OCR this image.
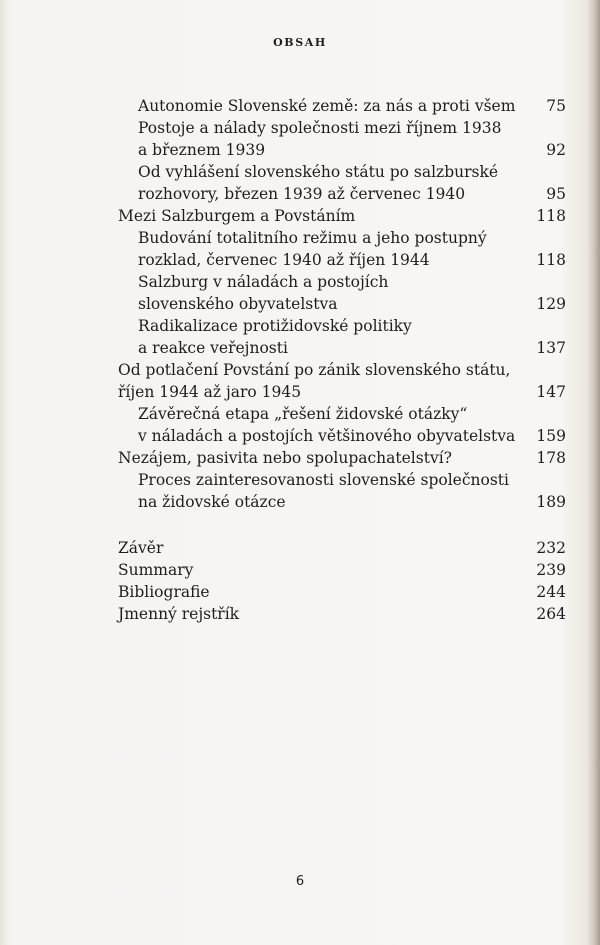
OBSAH
Autonomie Slovenské země: za nás a proti všem 75
Postoje a nálady společnosti mezi říjnem 1938
a březnem 1939	92
Od vyhlášení slovenského státu po salzburské
rozhovory, březen 1939 až červenec 1940	95
Mezi Salzburgem a Povstáním	118
Budování totalitního režimu a jeho postupný
rozklad, červenec 1940 až říjen 1944	118
Salzburg v náladách a postojích
slovenského obyvatelstva	129
Radikalizace protižidovské politiky
a reakce veřejnosti	137
Od potlačení Povstání po zánik slovenského státu,
říjen 1944 až jaro 1945	147
Závěrečná etapa „řešení židovské otázky“
v náladách a postojích většinového obyvatelstva 159
Nezájem, pasivita nebo spolupachatelství?	178
Proces zainteresovanosti slovenské společnosti
na židovské otázce	189
Závěr	232
Summary	239
Bibliografie	244
Jmenný rejstřík	264
6
